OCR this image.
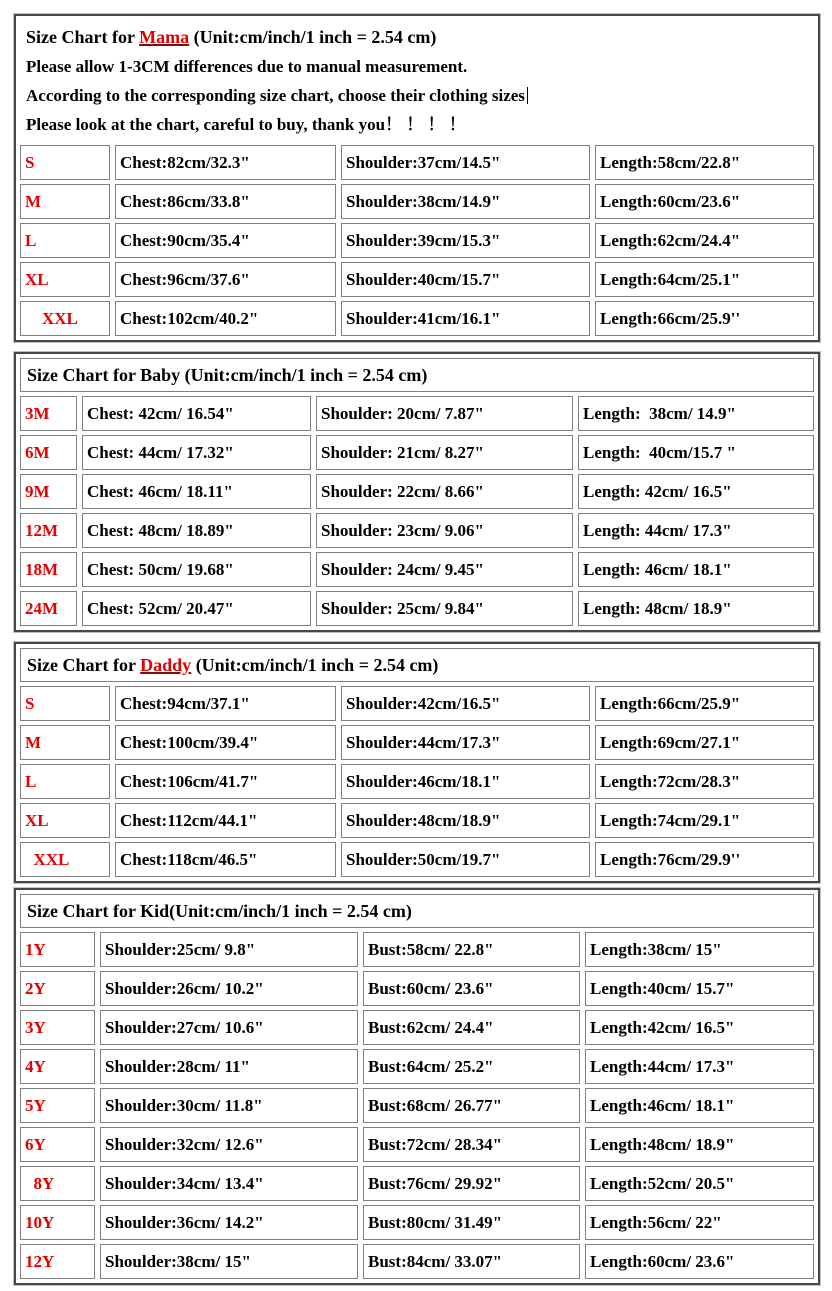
Size Chart for Mama (Unit:cm/inch/1 inch = 2.54 cm)
Please allow 1-3CM differences due to manual measurement.
According to the corresponding size chart, choose their clothing sizes
Please look at the chart, careful to buy, thank you！ ！ ！ ！
S	Chest:82cm/32.3"	Shoulder:37cm/14.5"	Length:58cm/22.8"
M	Chest:86cm/33.8"	Shoulder:38cm/14.9"	Length:60cm/23.6"
L	Chest:90cm/35.4"	Shoulder:39cm/15.3"	Length:62cm/24.4"
XL	Chest:96cm/37.6"	Shoulder:40cm/15.7"	Length:64cm/25.1"
XXL	Chest:102cm/40.2"	Shoulder:41cm/16.1"	Length:66cm/25.9''
Size Chart for Baby (Unit:cm/inch/1 inch = 2.54 cm)
3M	Chest: 42cm/ 16.54"	Shoulder: 20cm/ 7.87"	Length:  38cm/ 14.9"
6M	Chest: 44cm/ 17.32"	Shoulder: 21cm/ 8.27"	Length:  40cm/15.7 "
9M	Chest: 46cm/ 18.11"	Shoulder: 22cm/ 8.66"	Length: 42cm/ 16.5"
12M	Chest: 48cm/ 18.89"	Shoulder: 23cm/ 9.06"	Length: 44cm/ 17.3"
18M	Chest: 50cm/ 19.68"	Shoulder: 24cm/ 9.45"	Length: 46cm/ 18.1"
24M	Chest: 52cm/ 20.47"	Shoulder: 25cm/ 9.84"	Length: 48cm/ 18.9"
Size Chart for Daddy (Unit:cm/inch/1 inch = 2.54 cm)
S	Chest:94cm/37.1"	Shoulder:42cm/16.5"	Length:66cm/25.9"
M	Chest:100cm/39.4"	Shoulder:44cm/17.3"	Length:69cm/27.1"
L	Chest:106cm/41.7"	Shoulder:46cm/18.1"	Length:72cm/28.3"
XL	Chest:112cm/44.1"	Shoulder:48cm/18.9"	Length:74cm/29.1"
XXL	Chest:118cm/46.5"	Shoulder:50cm/19.7"	Length:76cm/29.9''
Size Chart for Kid(Unit:cm/inch/1 inch = 2.54 cm)
1Y	Shoulder:25cm/ 9.8"	Bust:58cm/ 22.8"	Length:38cm/ 15"
2Y	Shoulder:26cm/ 10.2"	Bust:60cm/ 23.6"	Length:40cm/ 15.7"
3Y	Shoulder:27cm/ 10.6"	Bust:62cm/ 24.4"	Length:42cm/ 16.5"
4Y	Shoulder:28cm/ 11"	Bust:64cm/ 25.2"	Length:44cm/ 17.3"
5Y	Shoulder:30cm/ 11.8"	Bust:68cm/ 26.77"	Length:46cm/ 18.1"
6Y	Shoulder:32cm/ 12.6"	Bust:72cm/ 28.34"	Length:48cm/ 18.9"
8Y	Shoulder:34cm/ 13.4"	Bust:76cm/ 29.92"	Length:52cm/ 20.5"
10Y	Shoulder:36cm/ 14.2"	Bust:80cm/ 31.49"	Length:56cm/ 22"
12Y	Shoulder:38cm/ 15"	Bust:84cm/ 33.07"	Length:60cm/ 23.6"
